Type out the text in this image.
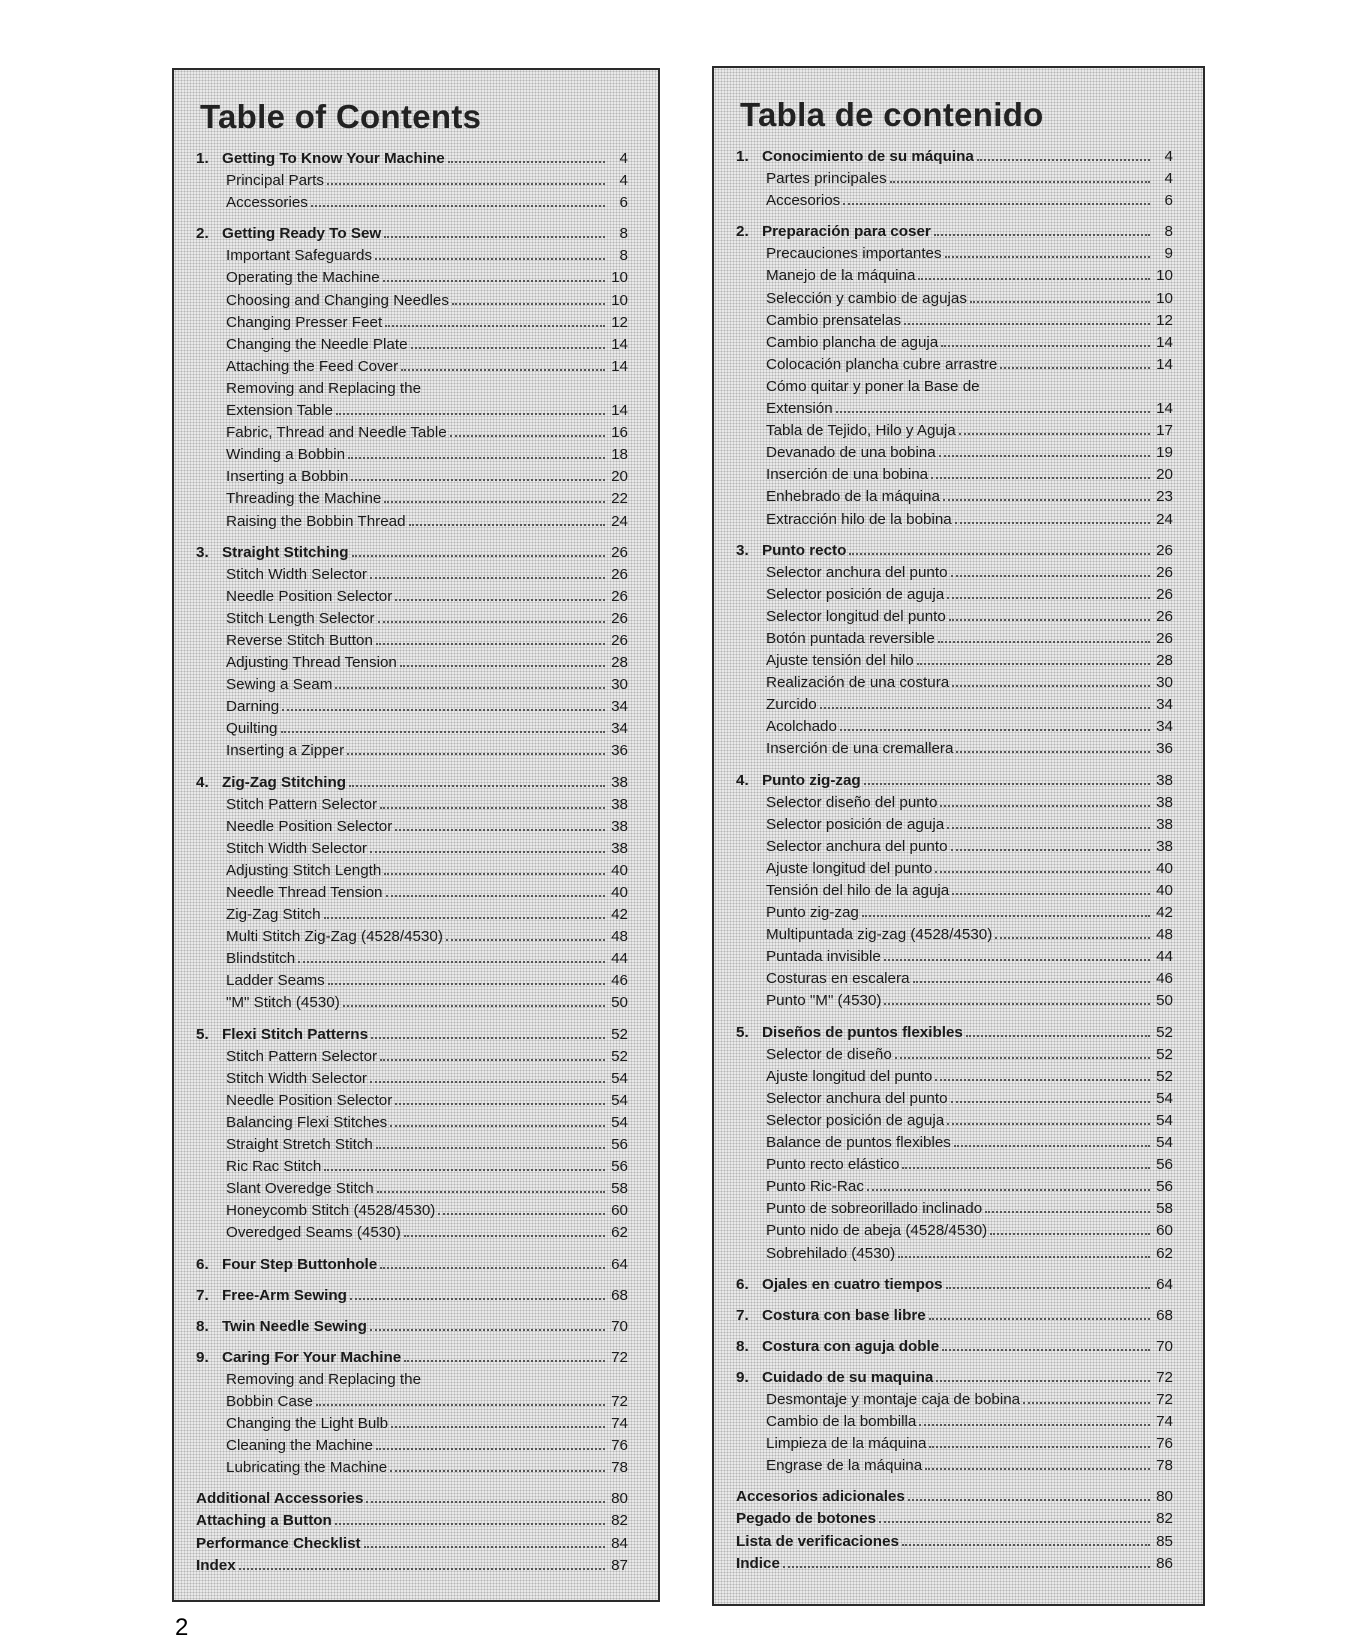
Table of Contents
1. Getting To Know Your Machine	4
Principal Parts	4
Accessories	6
2. Getting Ready To Sew	8
Important Safeguards	8
Operating the Machine	10
Choosing and Changing Needles	10
Changing Presser Feet	12
Changing the Needle Plate	14
Attaching the Feed Cover	14
Removing and Replacing the
Extension Table	14
Fabric, Thread and Needle Table	16
Winding a Bobbin	18
Inserting a Bobbin	20
Threading the Machine	22
Raising the Bobbin Thread	24
3. Straight Stitching	26
Stitch Width Selector	26
Needle Position Selector	26
Stitch Length Selector	26
Reverse Stitch Button	26
Adjusting Thread Tension	28
Sewing a Seam	30
Darning	34
Quilting	34
Inserting a Zipper	36
4. Zig-Zag Stitching	38
Stitch Pattern Selector	38
Needle Position Selector	38
Stitch Width Selector	38
Adjusting Stitch Length	40
Needle Thread Tension	40
Zig-Zag Stitch	42
Multi Stitch Zig-Zag (4528/4530)	48
Blindstitch	44
Ladder Seams	46
"M" Stitch (4530)	50
5. Flexi Stitch Patterns	52
Stitch Pattern Selector	52
Stitch Width Selector	54
Needle Position Selector	54
Balancing Flexi Stitches	54
Straight Stretch Stitch	56
Ric Rac Stitch	56
Slant Overedge Stitch	58
Honeycomb Stitch (4528/4530)	60
Overedged Seams (4530)	62
6. Four Step Buttonhole	64
7. Free-Arm Sewing	68
8. Twin Needle Sewing	70
9. Caring For Your Machine	72
Removing and Replacing the
Bobbin Case	72
Changing the Light Bulb	74
Cleaning the Machine	76
Lubricating the Machine	78
Additional Accessories	80
Attaching a Button	82
Performance Checklist	84
Index	87
Tabla de contenido
1. Conocimiento de su máquina	4
Partes principales	4
Accesorios	6
2. Preparación para coser	8
Precauciones importantes	9
Manejo de la máquina	10
Selección y cambio de agujas	10
Cambio prensatelas	12
Cambio plancha de aguja	14
Colocación plancha cubre arrastre	14
Cómo quitar y poner la Base de
Extensión	14
Tabla de Tejido, Hilo y Aguja	17
Devanado de una bobina	19
Inserción de una bobina	20
Enhebrado de la máquina	23
Extracción hilo de la bobina	24
3. Punto recto	26
Selector anchura del punto	26
Selector posición de aguja	26
Selector longitud del punto	26
Botón puntada reversible	26
Ajuste tensión del hilo	28
Realización de una costura	30
Zurcido	34
Acolchado	34
Inserción de una cremallera	36
4. Punto zig-zag	38
Selector diseño del punto	38
Selector posición de aguja	38
Selector anchura del punto	38
Ajuste longitud del punto	40
Tensión del hilo de la aguja	40
Punto zig-zag	42
Multipuntada zig-zag (4528/4530)	48
Puntada invisible	44
Costuras en escalera	46
Punto "M" (4530)	50
5. Diseños de puntos flexibles	52
Selector de diseño	52
Ajuste longitud del punto	52
Selector anchura del punto	54
Selector posición de aguja	54
Balance de puntos flexibles	54
Punto recto elástico	56
Punto Ric-Rac	56
Punto de sobreorillado inclinado	58
Punto nido de abeja (4528/4530)	60
Sobrehilado (4530)	62
6. Ojales en cuatro tiempos	64
7. Costura con base libre	68
8. Costura con aguja doble	70
9. Cuidado de su maquina	72
Desmontaje y montaje caja de bobina	72
Cambio de la bombilla	74
Limpieza de la máquina	76
Engrase de la máquina	78
Accesorios adicionales	80
Pegado de botones	82
Lista de verificaciones	85
Indice	86
2
